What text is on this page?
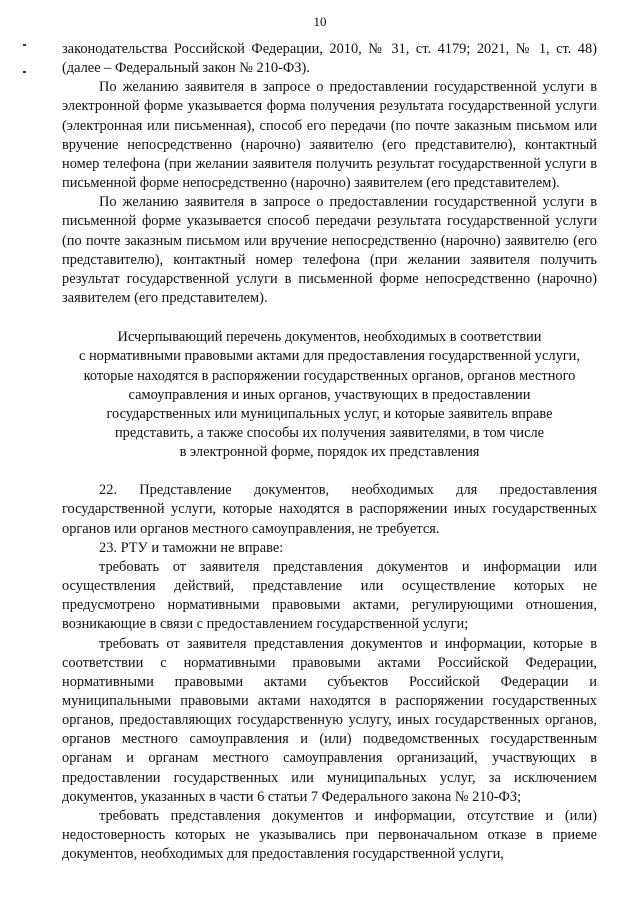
10

законодательства Российской Федерации, 2010, № 31, ст. 4179; 2021, № 1, ст. 48) (далее – Федеральный закон № 210-ФЗ).

По желанию заявителя в запросе о предоставлении государственной услуги в электронной форме указывается форма получения результата государственной услуги (электронная или письменная), способ его передачи (по почте заказным письмом или вручение непосредственно (нарочно) заявителю (его представителю), контактный номер телефона (при желании заявителя получить результат государственной услуги в письменной форме непосредственно (нарочно) заявителем (его представителем).

По желанию заявителя в запросе о предоставлении государственной услуги в письменной форме указывается способ передачи результата государственной услуги (по почте заказным письмом или вручение непосредственно (нарочно) заявителю (его представителю), контактный номер телефона (при желании заявителя получить результат государственной услуги в письменной форме непосредственно (нарочно) заявителем (его представителем).

Исчерпывающий перечень документов, необходимых в соответствии
с нормативными правовыми актами для предоставления государственной услуги,
которые находятся в распоряжении государственных органов, органов местного
самоуправления и иных органов, участвующих в предоставлении
государственных или муниципальных услуг, и которые заявитель вправе
представить, а также способы их получения заявителями, в том числе
в электронной форме, порядок их представления

22. Представление документов, необходимых для предоставления государственной услуги, которые находятся в распоряжении иных государственных органов или органов местного самоуправления, не требуется.

23. РТУ и таможни не вправе:

требовать от заявителя представления документов и информации или осуществления действий, представление или осуществление которых не предусмотрено нормативными правовыми актами, регулирующими отношения, возникающие в связи с предоставлением государственной услуги;

требовать от заявителя представления документов и информации, которые в соответствии с нормативными правовыми актами Российской Федерации, нормативными правовыми актами субъектов Российской Федерации и муниципальными правовыми актами находятся в распоряжении государственных органов, предоставляющих государственную услугу, иных государственных органов, органов местного самоуправления и (или) подведомственных государственным органам и органам местного самоуправления организаций, участвующих в предоставлении государственных или муниципальных услуг, за исключением документов, указанных в части 6 статьи 7 Федерального закона № 210-ФЗ;

требовать представления документов и информации, отсутствие и (или) недостоверность которых не указывались при первоначальном отказе в приеме документов, необходимых для предоставления государственной услуги,
